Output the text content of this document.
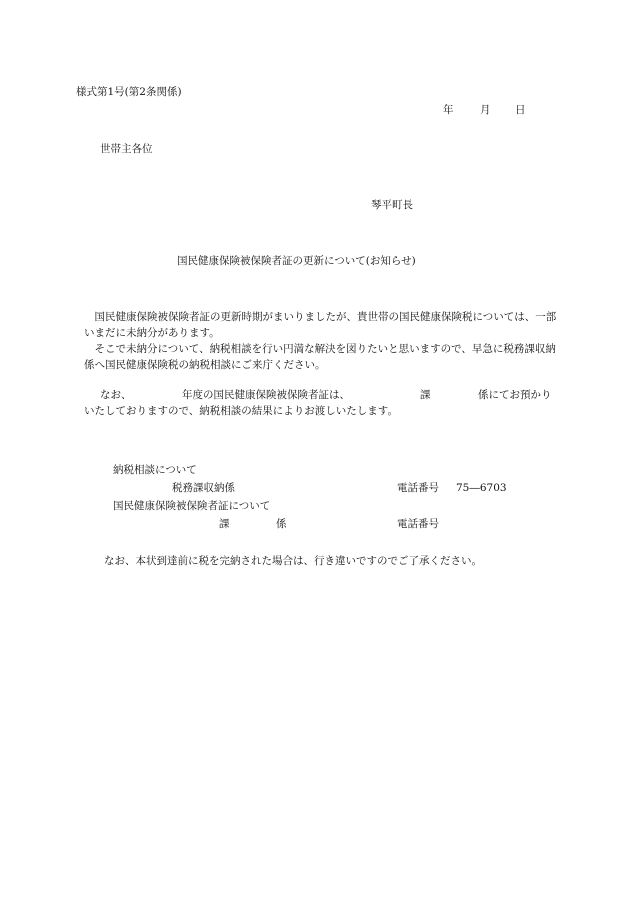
様式第1号(第2条関係)
年	月 日
世帯主各位
琴平町長
国民健康保険被保険者証の更新について(お知らせ)

国民健康保険被保険者証の更新時期がまいりましたが、貴世帯の国民健康保険税については、一部いまだに未納分があります。

そこで未納分について、納税相談を行い円満な解決を図りたいと思いますので、早急に税務課収納係へ国民健康保険税の納税相談にご来庁ください。

なお、	年度の国民健康保険被保険者証は、	課	係にてお預かりいたしておりますので、納税相談の結果によりお渡しいたします。
納税相談について
税務課収納係	電話番号 75―6703
国民健康保険被保険者証について
課	係	電話番号
なお、本状到達前に税を完納された場合は、行き違いですのでご了承ください。
